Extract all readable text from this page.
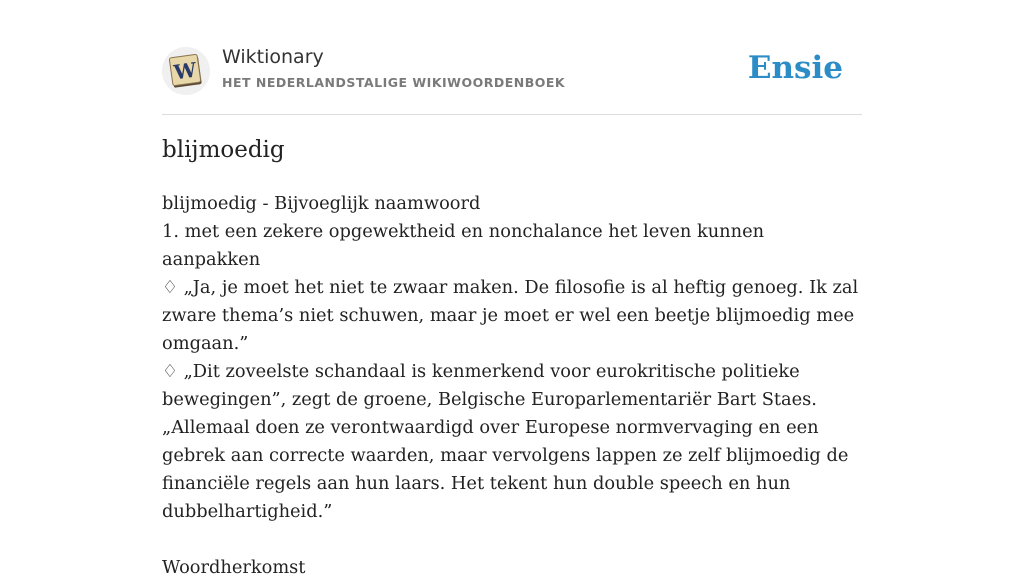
W
Wiktionary
HET NEDERLANDSTALIGE WIKIWOORDENBOEK	Ensie
blijmoedig

blijmoedig - Bijvoeglijk naamwoord

1. met een zekere opgewektheid en nonchalance het leven kunnen aanpakken

♢ „Ja, je moet het niet te zwaar maken. De filosofie is al heftig genoeg. Ik zal zware thema’s niet schuwen, maar je moet er wel een beetje blijmoedig mee omgaan.”

♢ „Dit zoveelste schandaal is kenmerkend voor eurokritische politieke bewegingen”, zegt de groene, Belgische Europarlementariër Bart Staes. „Allemaal doen ze verontwaardigd over Europese normvervaging en een gebrek aan correcte waarden, maar vervolgens lappen ze zelf blijmoedig de financiële regels aan hun laars. Het tekent hun double speech en hun dubbelhartigheid.”

Woordherkomst
